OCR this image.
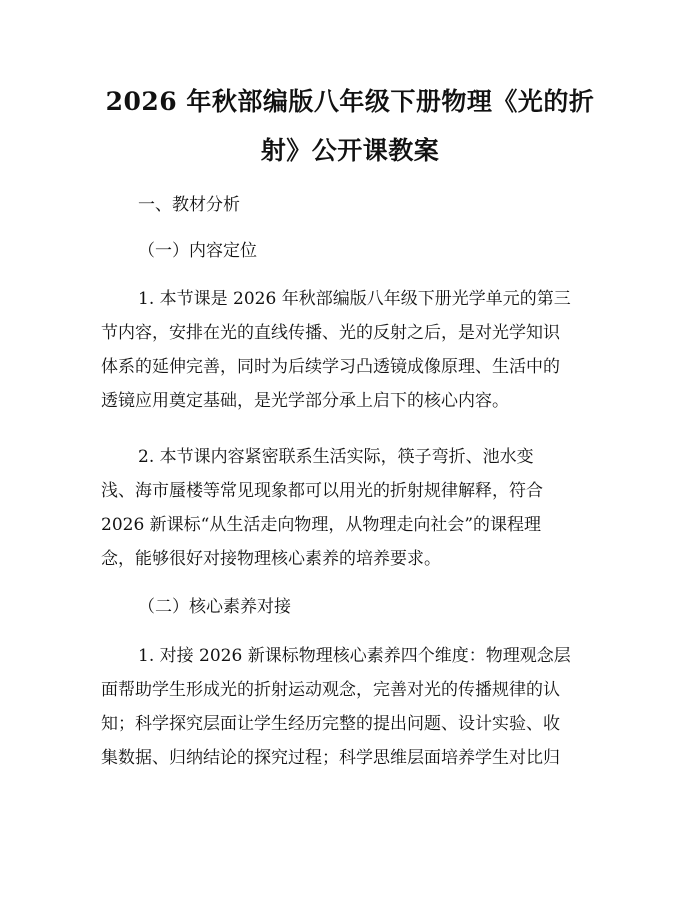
2026 年秋部编版八年级下册物理《光的折
射》公开课教案
一、教材分析
（一）内容定位
1. 本节课是 2026 年秋部编版八年级下册光学单元的第三
节内容，安排在光的直线传播、光的反射之后，是对光学知识
体系的延伸完善，同时为后续学习凸透镜成像原理、生活中的
透镜应用奠定基础，是光学部分承上启下的核心内容。
2. 本节课内容紧密联系生活实际，筷子弯折、池水变
浅、海市蜃楼等常见现象都可以用光的折射规律解释，符合
2026 新课标“从生活走向物理，从物理走向社会”的课程理
念，能够很好对接物理核心素养的培养要求。
（二）核心素养对接
1. 对接 2026 新课标物理核心素养四个维度：物理观念层
面帮助学生形成光的折射运动观念，完善对光的传播规律的认
知；科学探究层面让学生经历完整的提出问题、设计实验、收
集数据、归纳结论的探究过程；科学思维层面培养学生对比归
